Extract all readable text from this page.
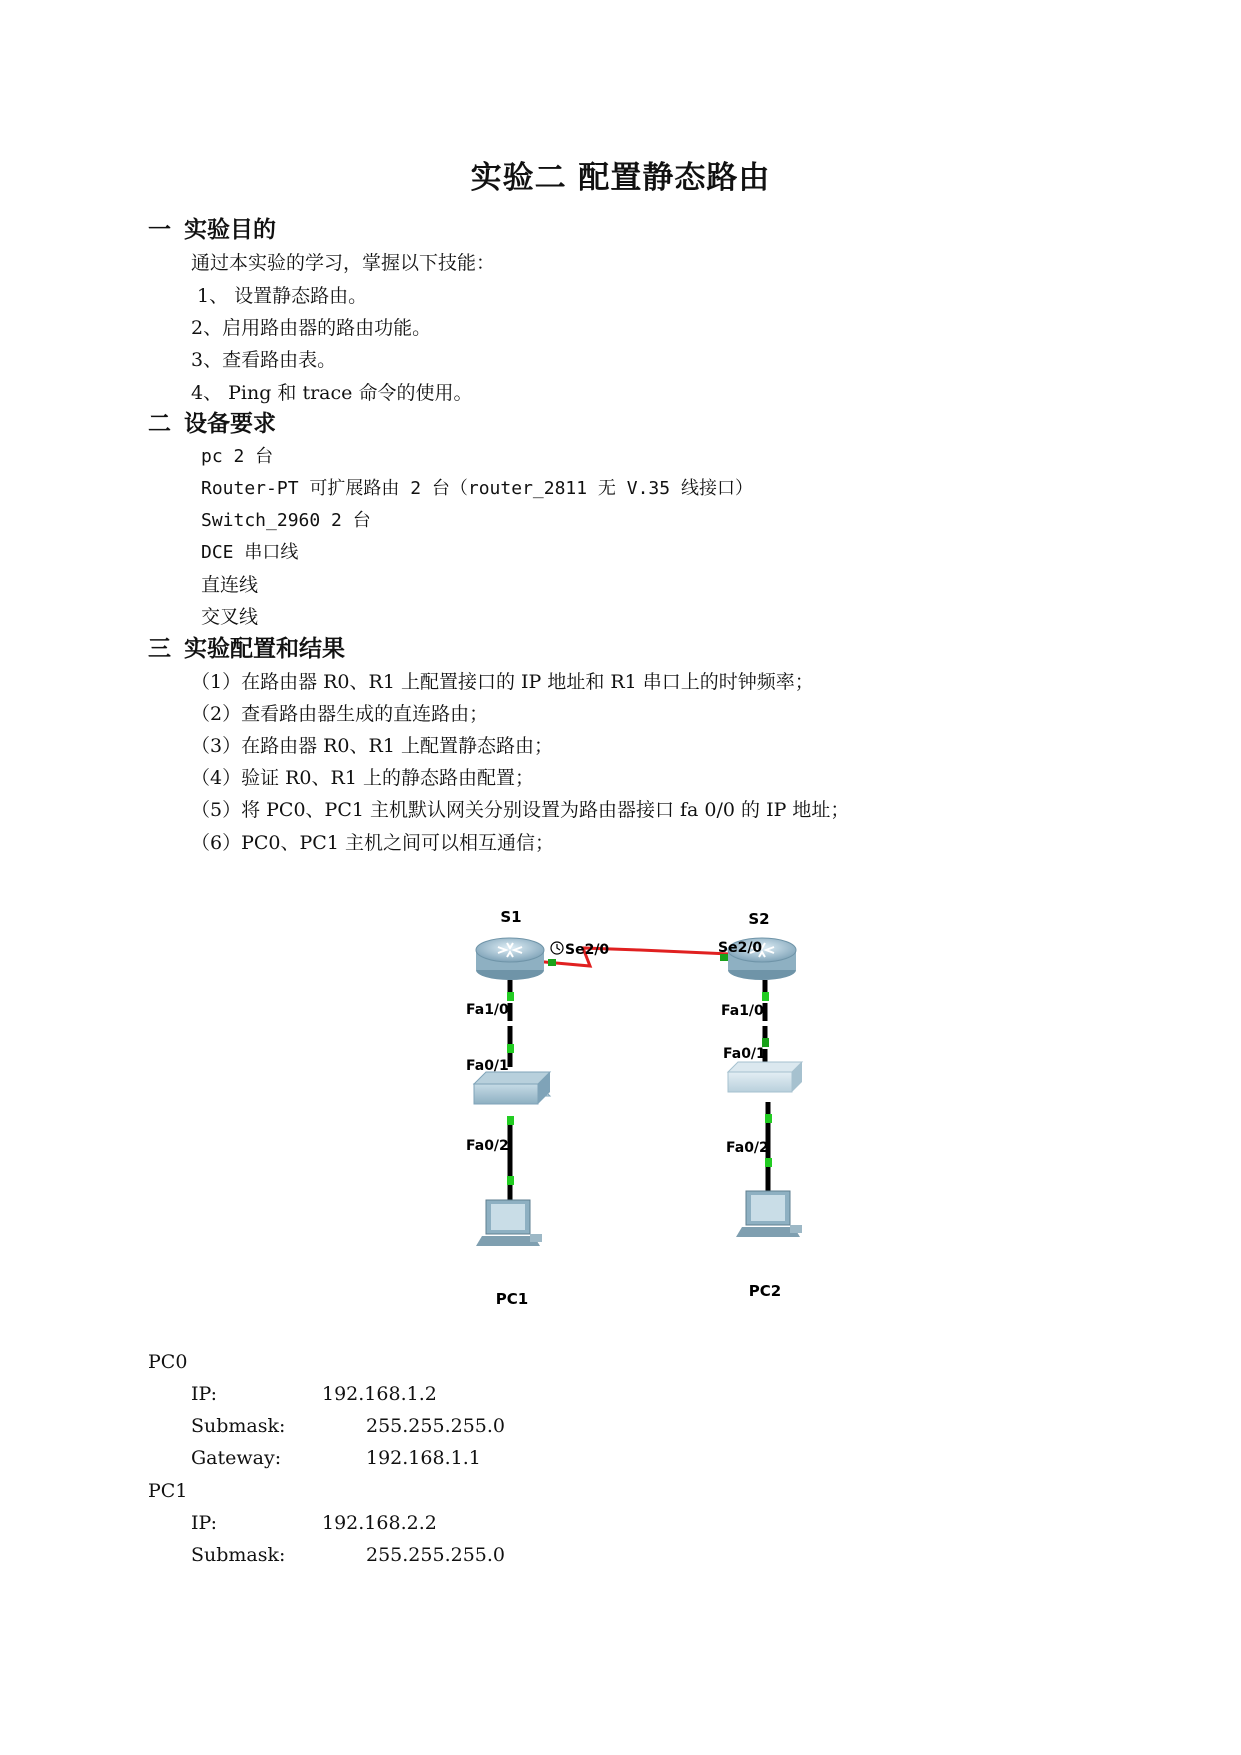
实验二 配置静态路由
一 实验目的
通过本实验的学习，掌握以下技能：
1、 设置静态路由。
2、启用路由器的路由功能。
3、查看路由表。
4、 Ping 和 trace 命令的使用。
二 设备要求
pc 2 台
Router-PT 可扩展路由 2 台（router_2811 无 V.35 线接口）
Switch_2960 2 台
DCE 串口线
直连线
交叉线
三 实验配置和结果
（1）在路由器 R0、R1 上配置接口的 IP 地址和 R1 串口上的时钟频率；
（2）查看路由器生成的直连路由；
（3）在路由器 R0、R1 上配置静态路由；
（4）验证 R0、R1 上的静态路由配置；
（5）将 PC0、PC1 主机默认网关分别设置为路由器接口 fa 0/0 的 IP 地址；
（6）PC0、PC1 主机之间可以相互通信；
S1	S2
Se2/0	Se2/0
Fa1/0
Fa0/1
Fa0/2
Fa1/0
Fa0/1
Fa0/2
PC1	PC2
PC0
IP:	192.168.1.2
Submask:	255.255.255.0
Gateway:	192.168.1.1
PC1
IP:	192.168.2.2
Submask:	255.255.255.0
